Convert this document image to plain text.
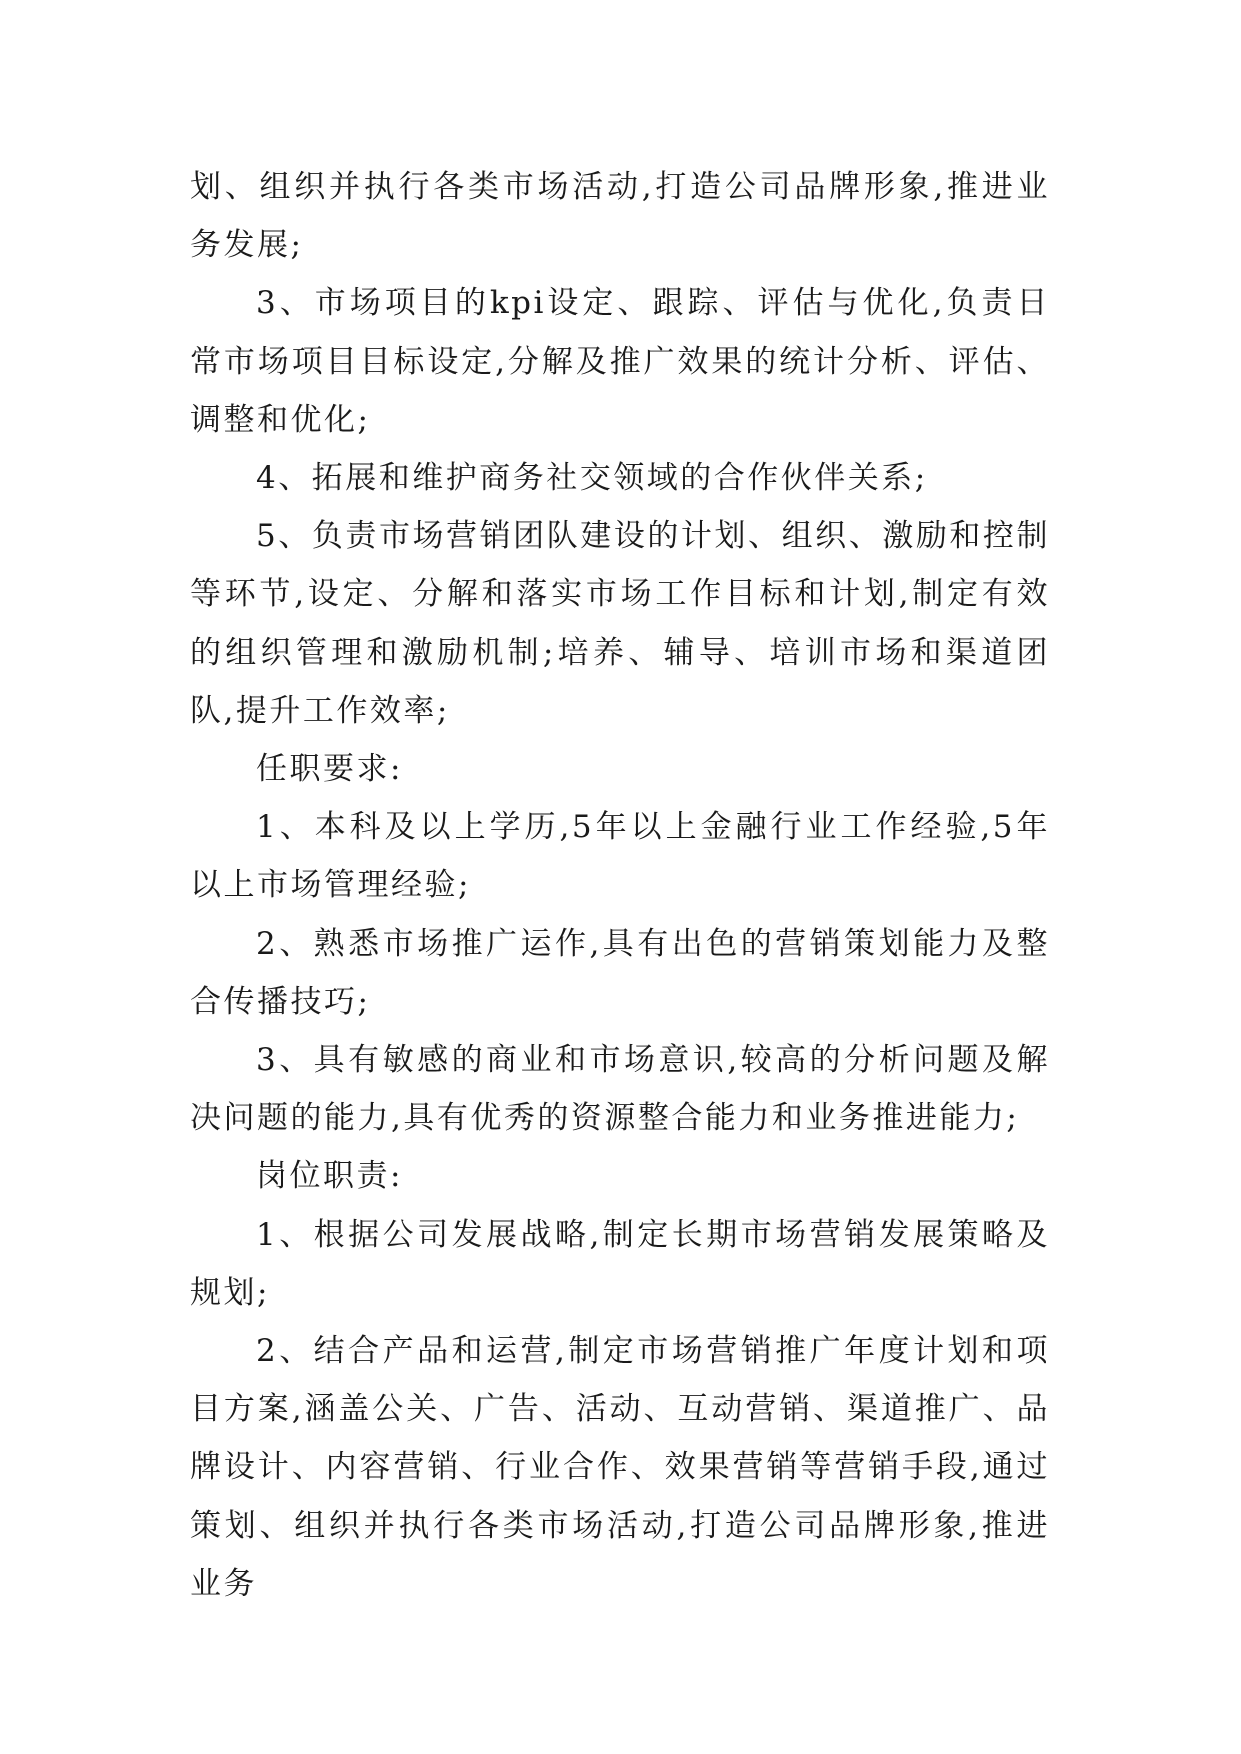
划、组织并执行各类市场活动,打造公司品牌形象,推进业务发展;

3、市场项目的kpi设定、跟踪、评估与优化,负责日常市场项目目标设定,分解及推广效果的统计分析、评估、调整和优化;

4、拓展和维护商务社交领域的合作伙伴关系;

5、负责市场营销团队建设的计划、组织、激励和控制等环节,设定、分解和落实市场工作目标和计划,制定有效的组织管理和激励机制;培养、辅导、培训市场和渠道团队,提升工作效率;

任职要求:

1、本科及以上学历,5年以上金融行业工作经验,5年以上市场管理经验;

2、熟悉市场推广运作,具有出色的营销策划能力及整合传播技巧;

3、具有敏感的商业和市场意识,较高的分析问题及解决问题的能力,具有优秀的资源整合能力和业务推进能力;

岗位职责:

1、根据公司发展战略,制定长期市场营销发展策略及规划;

2、结合产品和运营,制定市场营销推广年度计划和项目方案,涵盖公关、广告、活动、互动营销、渠道推广、品牌设计、内容营销、行业合作、效果营销等营销手段,通过策划、组织并执行各类市场活动,打造公司品牌形象,推进业务
